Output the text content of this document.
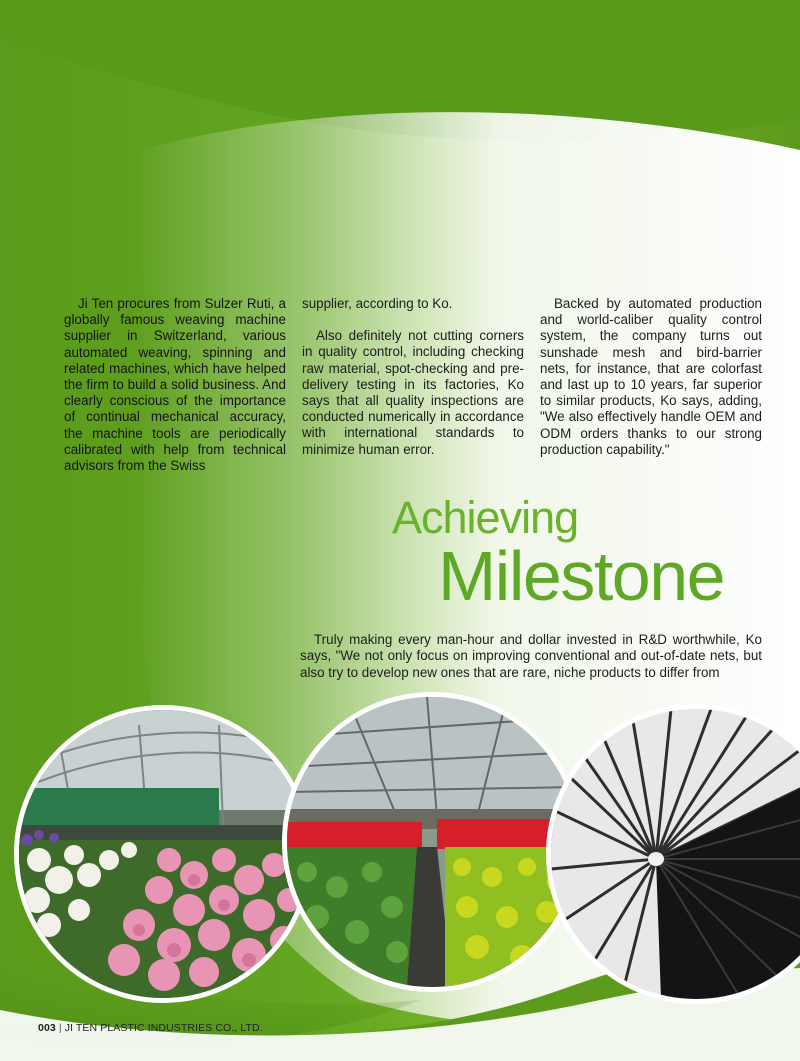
Ji Ten procures from Sulzer Ruti, a globally famous weaving machine supplier in Switzerland, various automated weaving, spinning and related machines, which have helped the firm to build a solid business. And clearly conscious of the importance of continual mechanical accuracy, the machine tools are periodically calibrated with help from technical advisors from the Swiss

supplier, according to Ko.

Also definitely not cutting corners in quality control, including checking raw material, spot-checking and pre-delivery testing in its factories, Ko says that all quality inspections are conducted numerically in accordance with international standards to minimize human error.

Backed by automated production and world-caliber quality control system, the company turns out sunshade mesh and bird-barrier nets, for instance, that are colorfast and last up to 10 years, far superior to similar products, Ko says, adding, "We also effectively handle OEM and ODM orders thanks to our strong production capability."

Achieving
Milestone

Truly making every man-hour and dollar invested in R&D worthwhile, Ko says, "We not only focus on improving conventional and out-of-date nets, but also try to develop new ones that are rare, niche products to differ from

003 | JI TEN PLASTIC INDUSTRIES CO., LTD.
